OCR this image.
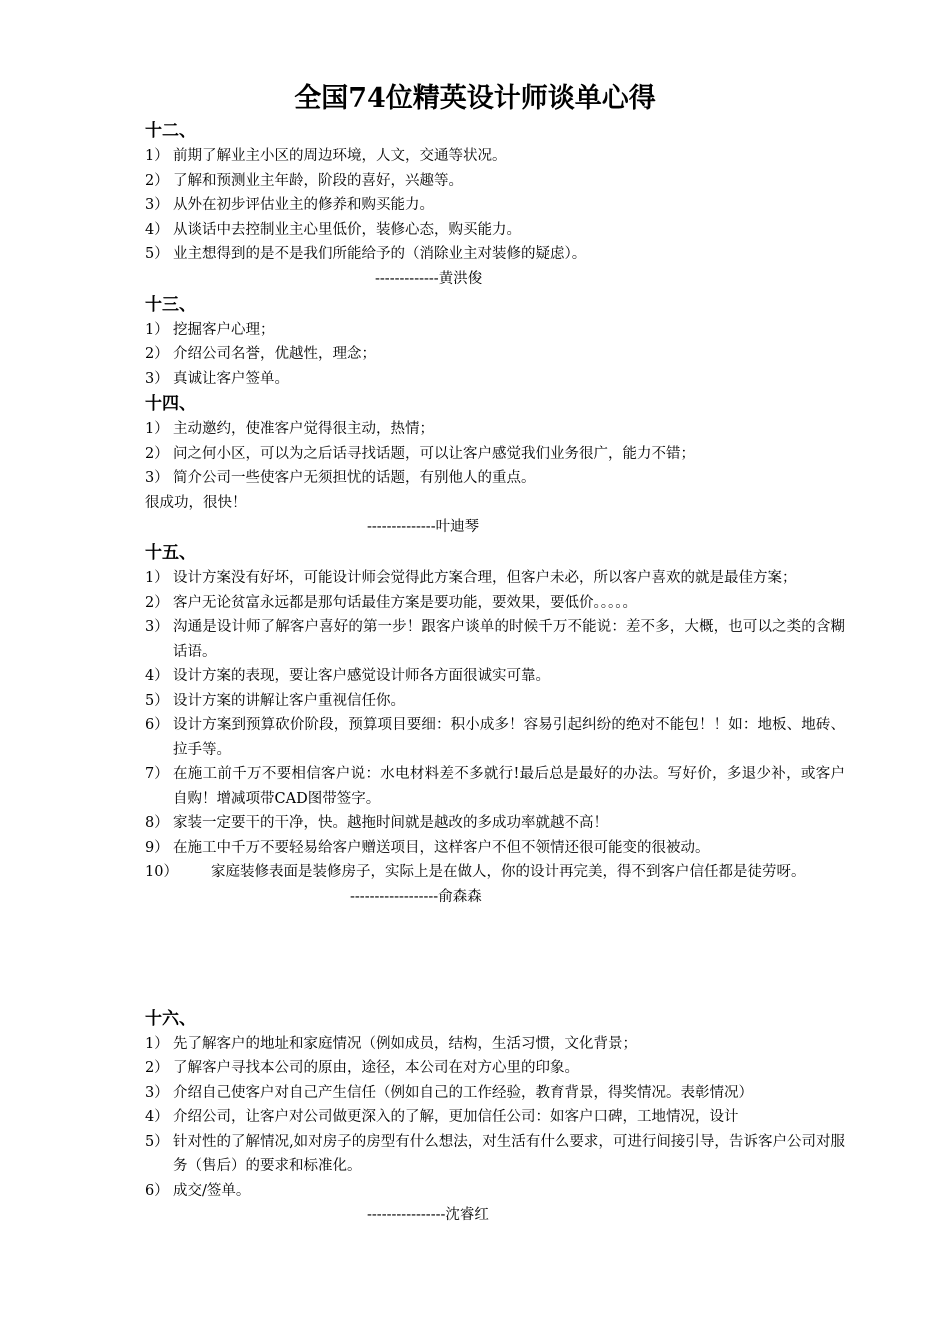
全国74位精英设计师谈单心得
十二、
1） 前期了解业主小区的周边环境，人文，交通等状况。
2） 了解和预测业主年龄，阶段的喜好，兴趣等。
3） 从外在初步评估业主的修养和购买能力。
4） 从谈话中去控制业主心里低价，装修心态，购买能力。
5） 业主想得到的是不是我们所能给予的（消除业主对装修的疑虑）。
-------------黄洪俊
十三、
1） 挖掘客户心理；
2） 介绍公司名誉，优越性，理念；
3） 真诚让客户签单。
十四、
1） 主动邀约，使准客户觉得很主动，热情；
2） 问之何小区，可以为之后话寻找话题，可以让客户感觉我们业务很广，能力不错；
3） 简介公司一些使客户无须担忧的话题，有别他人的重点。
很成功，很快！
--------------叶迪琴
十五、
1） 设计方案没有好坏，可能设计师会觉得此方案合理，但客户未必，所以客户喜欢的就是最佳方案；
2） 客户无论贫富永远都是那句话最佳方案是要功能，要效果，要低价。。。。。
3） 沟通是设计师了解客户喜好的第一步！跟客户谈单的时候千万不能说：差不多，大概，也可以之类的含糊话语。
4） 设计方案的表现，要让客户感觉设计师各方面很诚实可靠。
5） 设计方案的讲解让客户重视信任你。
6） 设计方案到预算砍价阶段，预算项目要细：积小成多！容易引起纠纷的绝对不能包！！如：地板、地砖、拉手等。
7） 在施工前千万不要相信客户说：水电材料差不多就行!最后总是最好的办法。写好价，多退少补，或客户自购！增减项带CAD图带签字。
8） 家装一定要干的干净，快。越拖时间就是越改的多成功率就越不高！
9） 在施工中千万不要轻易给客户赠送项目，这样客户不但不领情还很可能变的很被动。
10）	家庭装修表面是装修房子，实际上是在做人，你的设计再完美，得不到客户信任都是徒劳呀。
------------------俞森森
十六、
1） 先了解客户的地址和家庭情况（例如成员，结构，生活习惯，文化背景；
2） 了解客户寻找本公司的原由，途径，本公司在对方心里的印象。
3） 介绍自己使客户对自己产生信任（例如自己的工作经验，教育背景，得奖情况。表彰情况）
4） 介绍公司，让客户对公司做更深入的了解，更加信任公司：如客户口碑，工地情况，设计
5） 针对性的了解情况,如对房子的房型有什么想法，对生活有什么要求，可进行间接引导，告诉客户公司对服务（售后）的要求和标准化。
6） 成交/签单。
----------------沈睿红
